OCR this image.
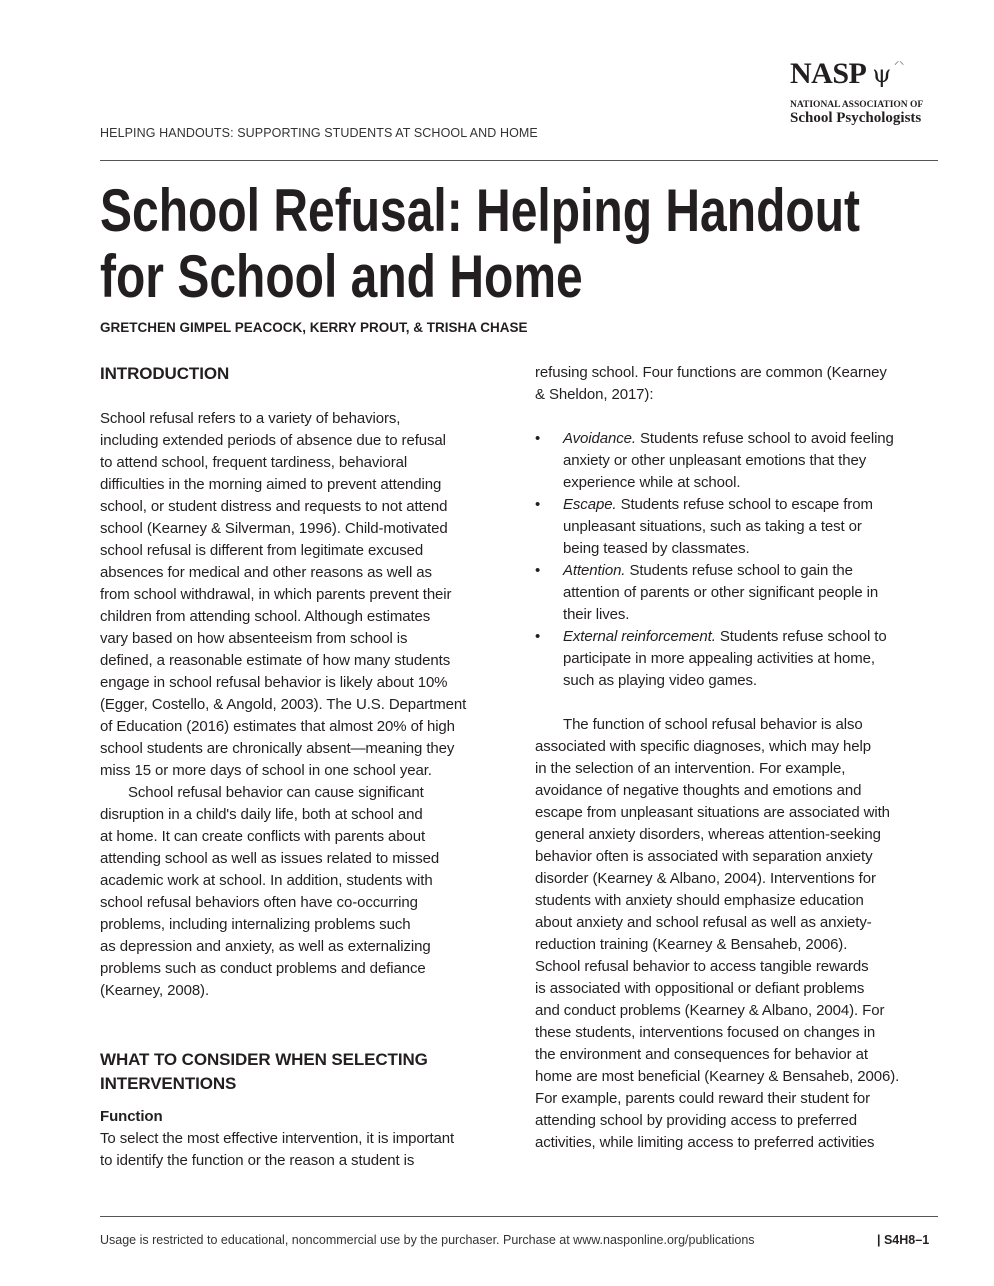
HELPING HANDOUTS: SUPPORTING STUDENTS AT SCHOOL AND HOME
NASP ψ ⸝⸜
NATIONAL ASSOCIATION OF
School Psychologists
School Refusal: Helping Handout
for School and Home
GRETCHEN GIMPEL PEACOCK, KERRY PROUT, & TRISHA CHASE
INTRODUCTION
School refusal refers to a variety of behaviors,
including extended periods of absence due to refusal
to attend school, frequent tardiness, behavioral
difficulties in the morning aimed to prevent attending
school, or student distress and requests to not attend
school (Kearney & Silverman, 1996). Child-motivated
school refusal is different from legitimate excused
absences for medical and other reasons as well as
from school withdrawal, in which parents prevent their
children from attending school. Although estimates
vary based on how absenteeism from school is
defined, a reasonable estimate of how many students
engage in school refusal behavior is likely about 10%
(Egger, Costello, & Angold, 2003). The U.S. Department
of Education (2016) estimates that almost 20% of high
school students are chronically absent—meaning they
miss 15 or more days of school in one school year.
School refusal behavior can cause significant
disruption in a child's daily life, both at school and
at home. It can create conflicts with parents about
attending school as well as issues related to missed
academic work at school. In addition, students with
school refusal behaviors often have co-occurring
problems, including internalizing problems such
as depression and anxiety, as well as externalizing
problems such as conduct problems and defiance
(Kearney, 2008).
WHAT TO CONSIDER WHEN SELECTING
INTERVENTIONS
Function
To select the most effective intervention, it is important
to identify the function or the reason a student is
refusing school. Four functions are common (Kearney
& Sheldon, 2017):
• Avoidance. Students refuse school to avoid feeling
anxiety or other unpleasant emotions that they
experience while at school.
• Escape. Students refuse school to escape from
unpleasant situations, such as taking a test or
being teased by classmates.
• Attention. Students refuse school to gain the
attention of parents or other significant people in
their lives.
• External reinforcement. Students refuse school to
participate in more appealing activities at home,
such as playing video games.
The function of school refusal behavior is also
associated with specific diagnoses, which may help
in the selection of an intervention. For example,
avoidance of negative thoughts and emotions and
escape from unpleasant situations are associated with
general anxiety disorders, whereas attention-seeking
behavior often is associated with separation anxiety
disorder (Kearney & Albano, 2004). Interventions for
students with anxiety should emphasize education
about anxiety and school refusal as well as anxiety-
reduction training (Kearney & Bensaheb, 2006).
School refusal behavior to access tangible rewards
is associated with oppositional or defiant problems
and conduct problems (Kearney & Albano, 2004). For
these students, interventions focused on changes in
the environment and consequences for behavior at
home are most beneficial (Kearney & Bensaheb, 2006).
For example, parents could reward their student for
attending school by providing access to preferred
activities, while limiting access to preferred activities
Usage is restricted to educational, noncommercial use by the purchaser. Purchase at www.nasponline.org/publications	| S4H8–1
